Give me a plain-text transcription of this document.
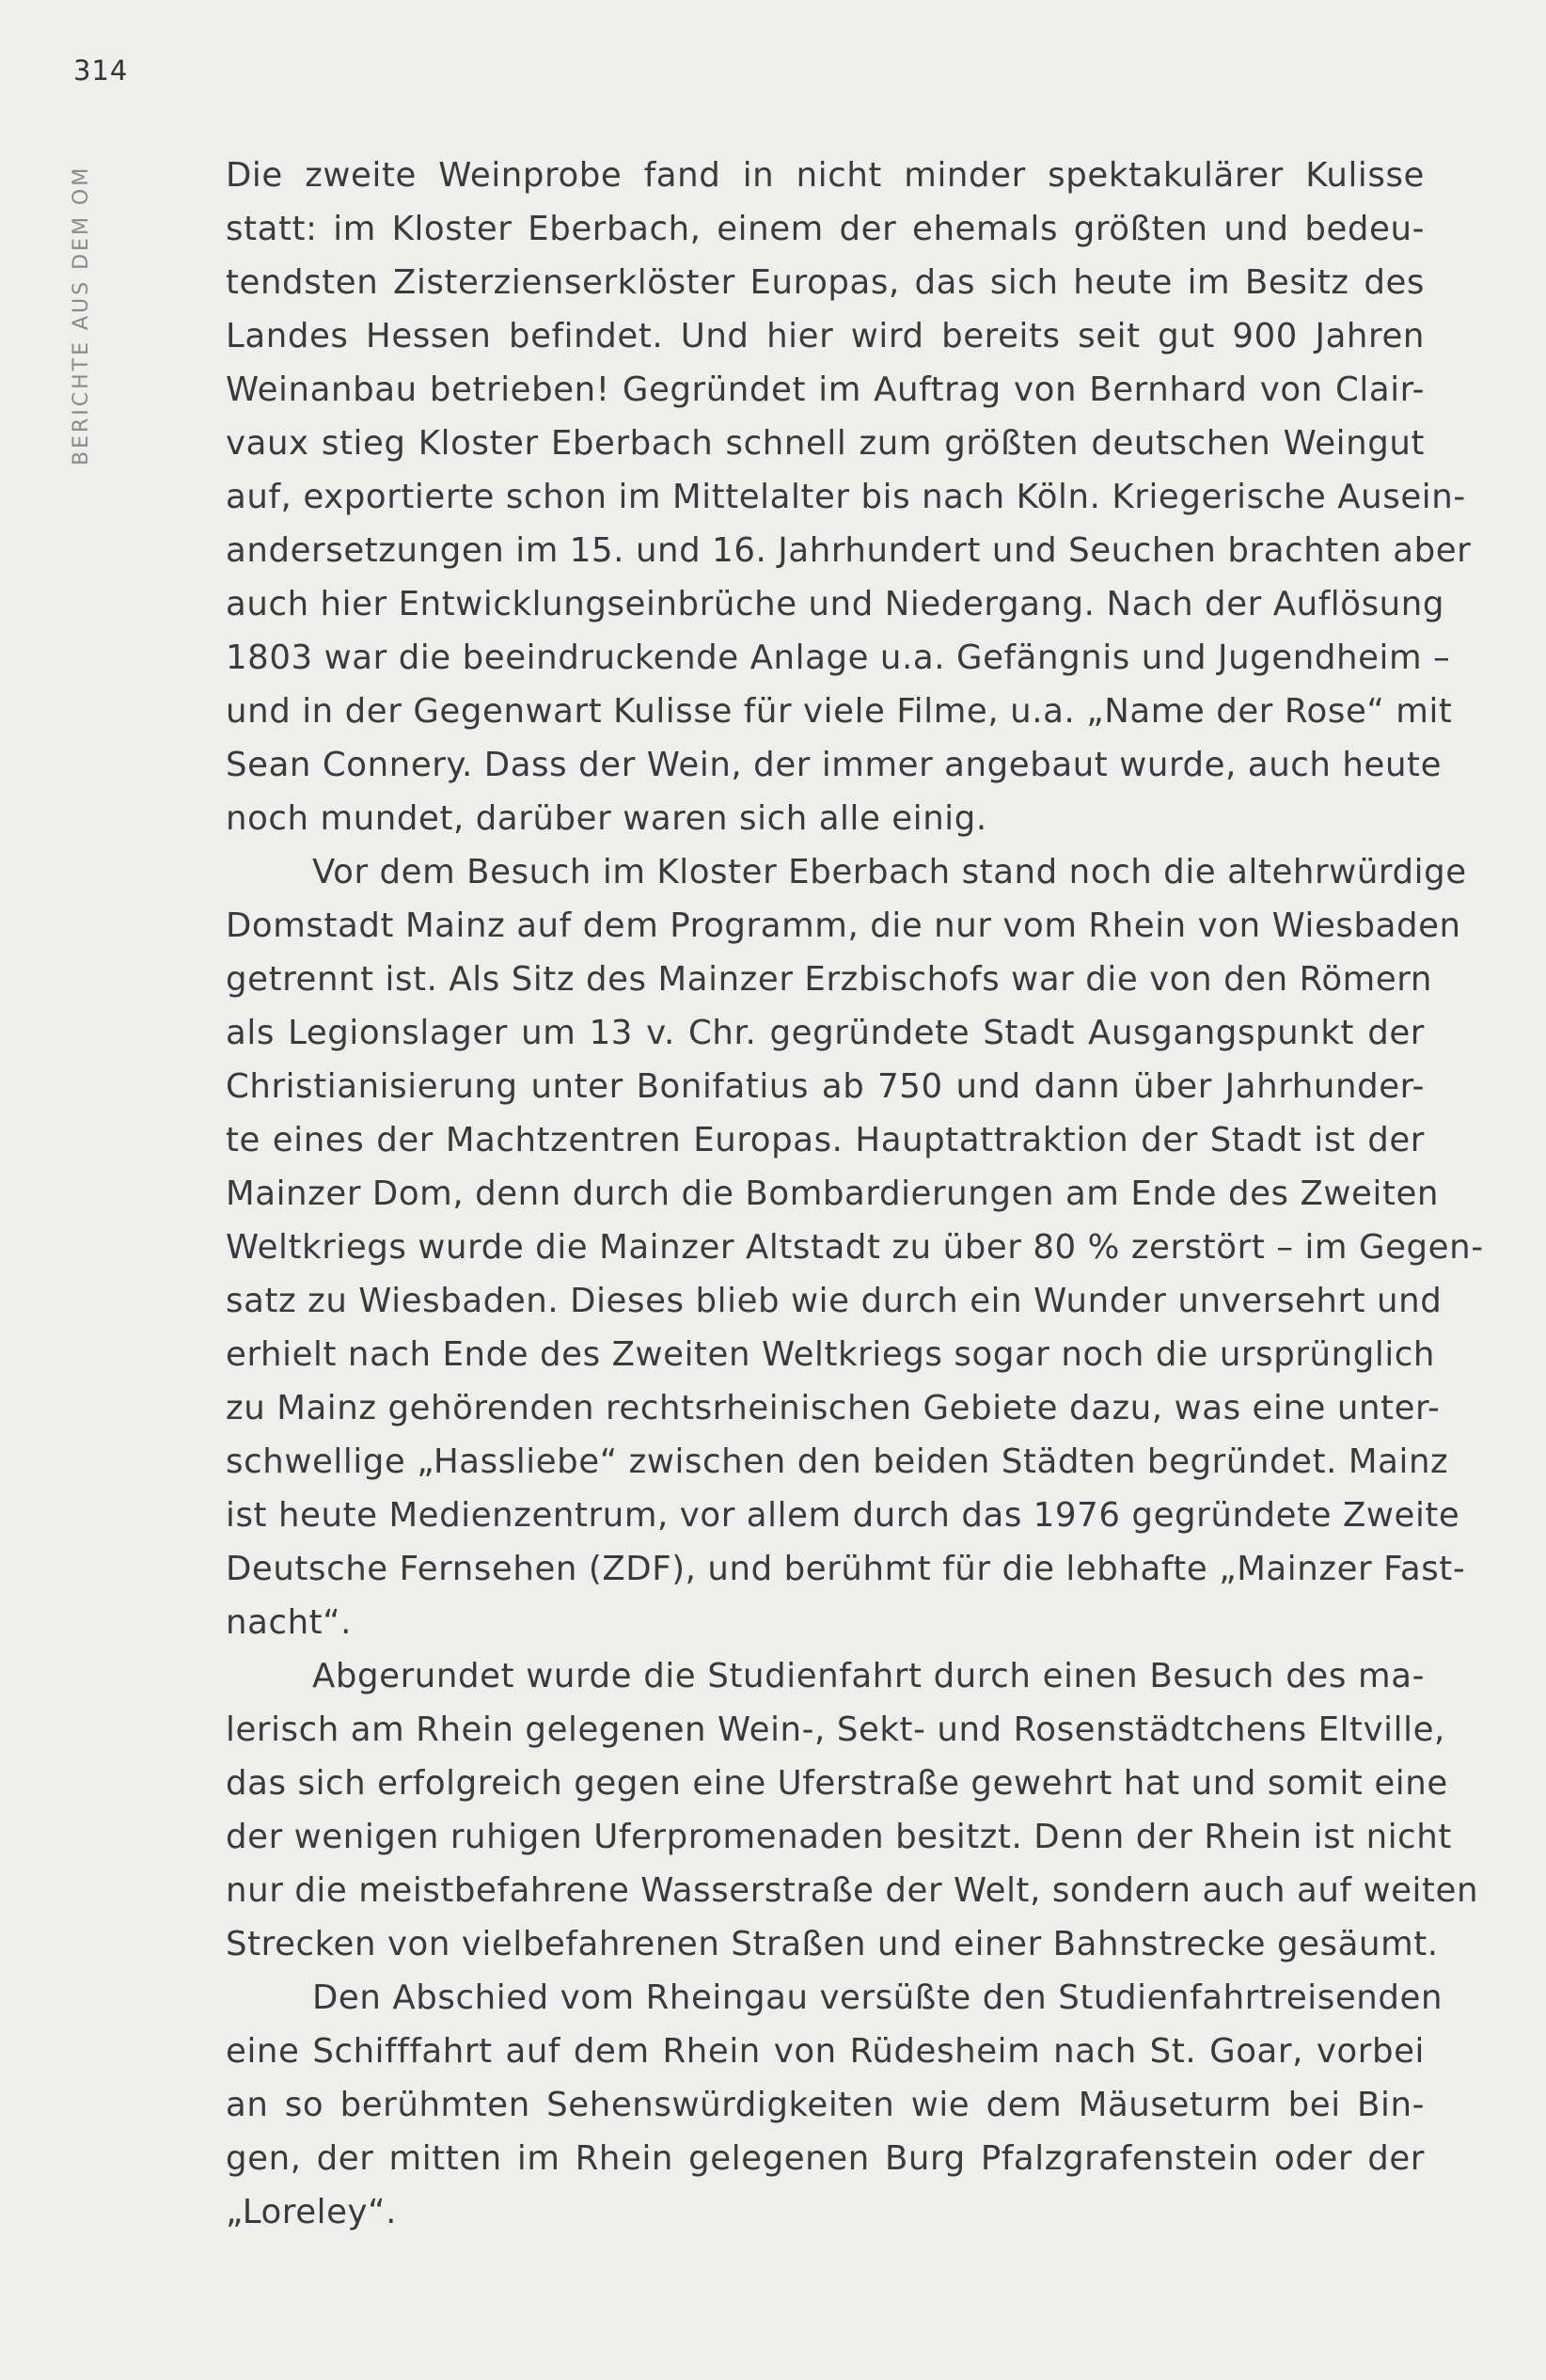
314
BERICHTE AUS DEM OM	Die zweite Weinprobe fand in nicht minder spektakulärer Kulisse
statt: im Kloster Eberbach, einem der ehemals größten und bedeu-
tendsten Zisterzienserklöster Europas, das sich heute im Besitz des
Landes Hessen befindet. Und hier wird bereits seit gut 900 Jahren
Weinanbau betrieben! Gegründet im Auftrag von Bernhard von Clair-
vaux stieg Kloster Eberbach schnell zum größten deutschen Weingut
auf, exportierte schon im Mittelalter bis nach Köln. Kriegerische Ausein-
andersetzungen im 15. und 16. Jahrhundert und Seuchen brachten aber
auch hier Entwicklungseinbrüche und Niedergang. Nach der Auflösung
1803 war die beeindruckende Anlage u.a. Gefängnis und Jugendheim –
und in der Gegenwart Kulisse für viele Filme, u.a. „Name der Rose“ mit
Sean Connery. Dass der Wein, der immer angebaut wurde, auch heute
noch mundet, darüber waren sich alle einig.
Vor dem Besuch im Kloster Eberbach stand noch die altehrwürdige
Domstadt Mainz auf dem Programm, die nur vom Rhein von Wiesbaden
getrennt ist. Als Sitz des Mainzer Erzbischofs war die von den Römern
als Legionslager um 13 v. Chr. gegründete Stadt Ausgangspunkt der
Christianisierung unter Bonifatius ab 750 und dann über Jahrhunder-
te eines der Machtzentren Europas. Hauptattraktion der Stadt ist der
Mainzer Dom, denn durch die Bombardierungen am Ende des Zweiten
Weltkriegs wurde die Mainzer Altstadt zu über 80 % zerstört – im Gegen-
satz zu Wiesbaden. Dieses blieb wie durch ein Wunder unversehrt und
erhielt nach Ende des Zweiten Weltkriegs sogar noch die ursprünglich
zu Mainz gehörenden rechtsrheinischen Gebiete dazu, was eine unter-
schwellige „Hassliebe“ zwischen den beiden Städten begründet. Mainz
ist heute Medienzentrum, vor allem durch das 1976 gegründete Zweite
Deutsche Fernsehen (ZDF), und berühmt für die lebhafte „Mainzer Fast-
nacht“.
Abgerundet wurde die Studienfahrt durch einen Besuch des ma-
lerisch am Rhein gelegenen Wein-, Sekt- und Rosenstädtchens Eltville,
das sich erfolgreich gegen eine Uferstraße gewehrt hat und somit eine
der wenigen ruhigen Uferpromenaden besitzt. Denn der Rhein ist nicht
nur die meistbefahrene Wasserstraße der Welt, sondern auch auf weiten
Strecken von vielbefahrenen Straßen und einer Bahnstrecke gesäumt.
Den Abschied vom Rheingau versüßte den Studienfahrtreisenden
eine Schifffahrt auf dem Rhein von Rüdesheim nach St. Goar, vorbei
an so berühmten Sehenswürdigkeiten wie dem Mäuseturm bei Bin-
gen, der mitten im Rhein gelegenen Burg Pfalzgrafenstein oder der
„Loreley“.
